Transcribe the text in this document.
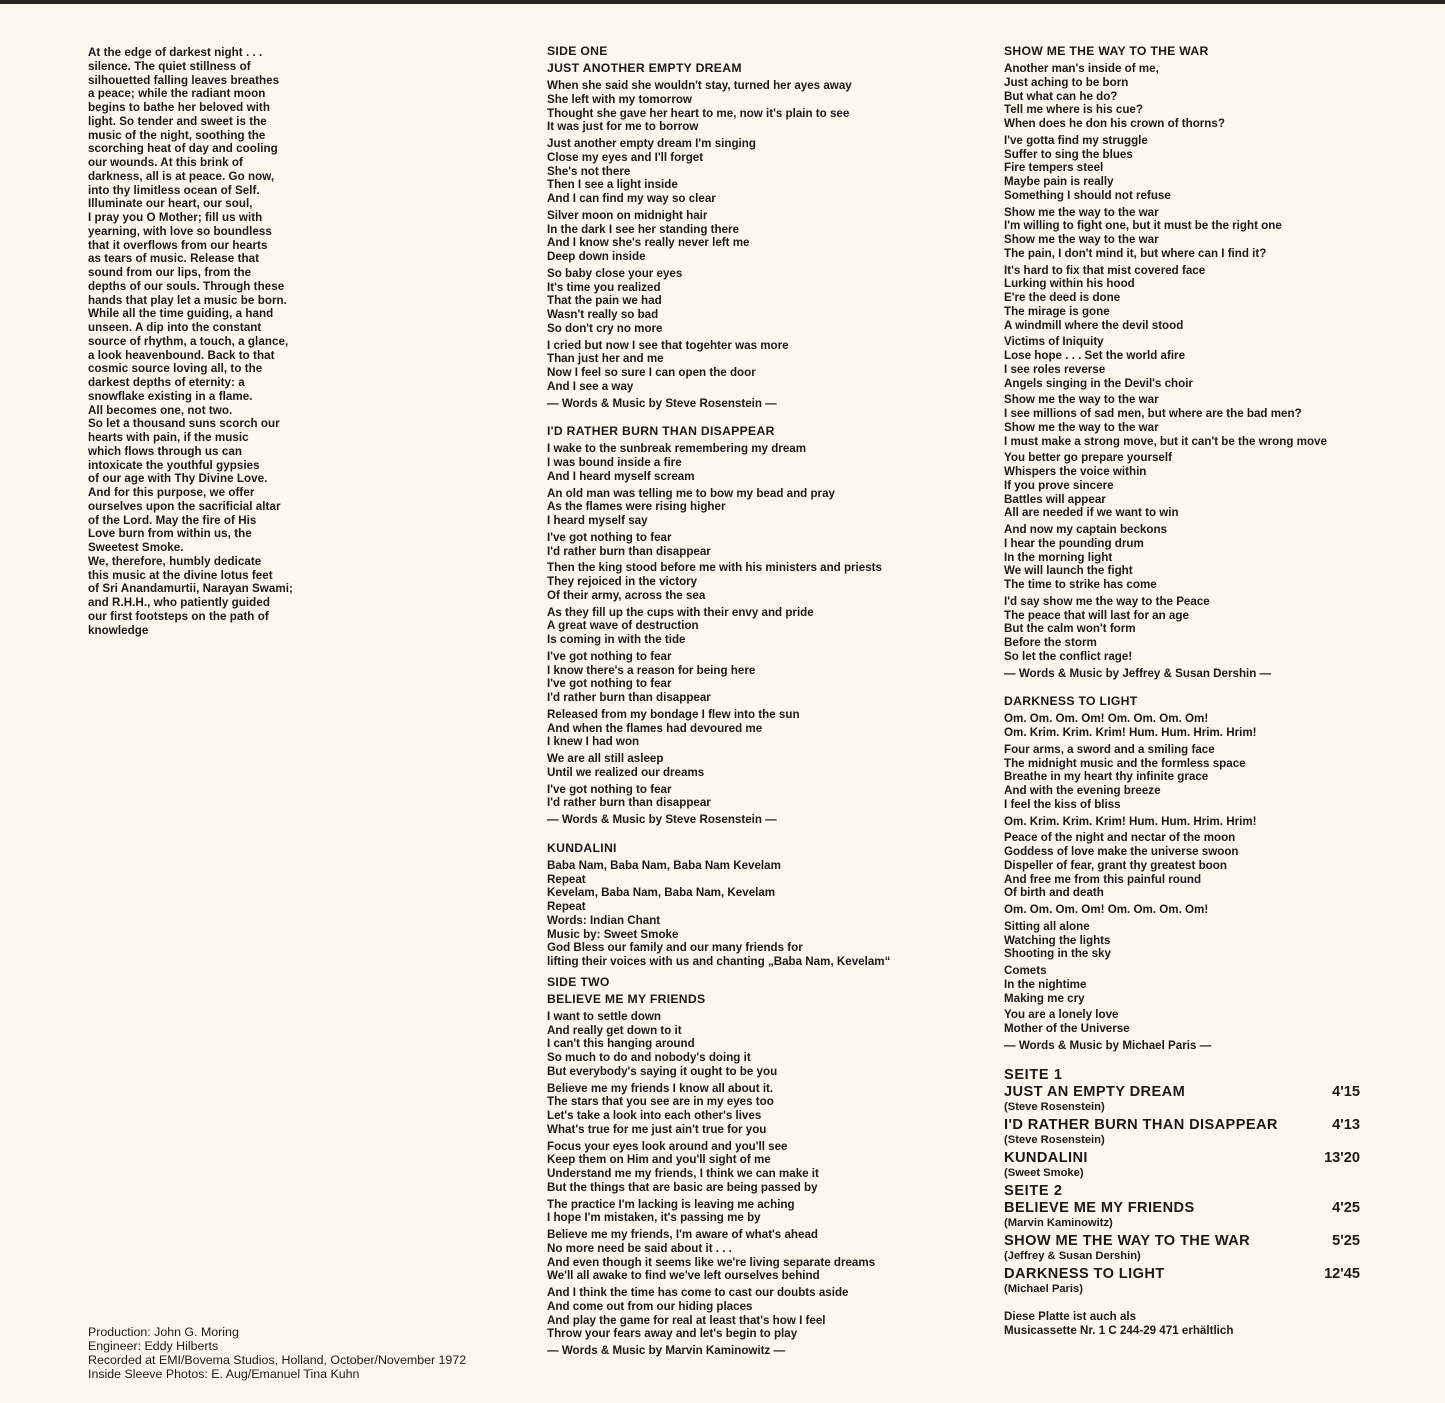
At the edge of darkest night . . .
silence. The quiet stillness of
silhouetted falling leaves breathes
a peace; while the radiant moon
begins to bathe her beloved with
light. So tender and sweet is the
music of the night, soothing the
scorching heat of day and cooling
our wounds. At this brink of
darkness, all is at peace. Go now,
into thy limitless ocean of Self.
Illuminate our heart, our soul,
I pray you O Mother; fill us with
yearning, with love so boundless
that it overflows from our hearts
as tears of music. Release that
sound from our lips, from the
depths of our souls. Through these
hands that play let a music be born.
While all the time guiding, a hand
unseen. A dip into the constant
source of rhythm, a touch, a glance,
a look heavenbound. Back to that
cosmic source loving all, to the
darkest depths of eternity: a
snowflake existing in a flame.
All becomes one, not two.
So let a thousand suns scorch our
hearts with pain, if the music
which flows through us can
intoxicate the youthful gypsies
of our age with Thy Divine Love.
And for this purpose, we offer
ourselves upon the sacrificial altar
of the Lord. May the fire of His
Love burn from within us, the
Sweetest Smoke.
We, therefore, humbly dedicate
this music at the divine lotus feet
of Sri Anandamurtii, Narayan Swami;
and R.H.H., who patiently guided
our first footsteps on the path of
knowledge
Production: John G. Moring
Engineer: Eddy Hilberts
Recorded at EMI/Bovema Studios, Holland, October/November 1972
Inside Sleeve Photos: E. Aug/Emanuel Tina Kuhn
SIDE ONE
JUST ANOTHER EMPTY DREAM
When she said she wouldn't stay, turned her ayes away
She left with my tomorrow
Thought she gave her heart to me, now it's plain to see
It was just for me to borrow
Just another empty dream I'm singing
Close my eyes and I'll forget
She's not there
Then I see a light inside
And I can find my way so clear
Silver moon on midnight hair
In the dark I see her standing there
And I know she's really never left me
Deep down inside
So baby close your eyes
It's time you realized
That the pain we had
Wasn't really so bad
So don't cry no more
I cried but now I see that togehter was more
Than just her and me
Now I feel so sure I can open the door
And I see a way
— Words & Music by Steve Rosenstein —
I'D RATHER BURN THAN DISAPPEAR
I wake to the sunbreak remembering my dream
I was bound inside a fire
And I heard myself scream
An old man was telling me to bow my bead and pray
As the flames were rising higher
I heard myself say
I've got nothing to fear
I'd rather burn than disappear
Then the king stood before me with his ministers and priests
They rejoiced in the victory
Of their army, across the sea
As they fill up the cups with their envy and pride
A great wave of destruction
Is coming in with the tide
I've got nothing to fear
I know there's a reason for being here
I've got nothing to fear
I'd rather burn than disappear
Released from my bondage I flew into the sun
And when the flames had devoured me
I knew I had won
We are all still asleep
Until we realized our dreams
I've got nothing to fear
I'd rather burn than disappear
— Words & Music by Steve Rosenstein —
KUNDALINI
Baba Nam, Baba Nam, Baba Nam Kevelam
Repeat
Kevelam, Baba Nam, Baba Nam, Kevelam
Repeat
Words: Indian Chant
Music by: Sweet Smoke
God Bless our family and our many friends for
lifting their voices with us and chanting „Baba Nam, Kevelam“
SIDE TWO
BELIEVE ME MY FRIENDS
I want to settle down
And really get down to it
I can't this hanging around
So much to do and nobody's doing it
But everybody's saying it ought to be you
Believe me my friends I know all about it.
The stars that you see are in my eyes too
Let's take a look into each other's lives
What's true for me just ain't true for you
Focus your eyes look around and you'll see
Keep them on Him and you'll sight of me
Understand me my friends, I think we can make it
But the things that are basic are being passed by
The practice I'm lacking is leaving me aching
I hope I'm mistaken, it's passing me by
Believe me my friends, I'm aware of what's ahead
No more need be said about it . . .
And even though it seems like we're living separate dreams
We'll all awake to find we've left ourselves behind
And I think the time has come to cast our doubts aside
And come out from our hiding places
And play the game for real at least that's how I feel
Throw your fears away and let's begin to play
— Words & Music by Marvin Kaminowitz —
SHOW ME THE WAY TO THE WAR
Another man's inside of me,
Just aching to be born
But what can he do?
Tell me where is his cue?
When does he don his crown of thorns?
I've gotta find my struggle
Suffer to sing the blues
Fire tempers steel
Maybe pain is really
Something I should not refuse
Show me the way to the war
I'm willing to fight one, but it must be the right one
Show me the way to the war
The pain, I don't mind it, but where can I find it?
It's hard to fix that mist covered face
Lurking within his hood
E're the deed is done
The mirage is gone
A windmill where the devil stood
Victims of Iniquity
Lose hope . . . Set the world afire
I see roles reverse
Angels singing in the Devil's choir
Show me the way to the war
I see millions of sad men, but where are the bad men?
Show me the way to the war
I must make a strong move, but it can't be the wrong move
You better go prepare yourself
Whispers the voice within
If you prove sincere
Battles will appear
All are needed if we want to win
And now my captain beckons
I hear the pounding drum
In the morning light
We will launch the fight
The time to strike has come
I'd say show me the way to the Peace
The peace that will last for an age
But the calm won't form
Before the storm
So let the conflict rage!
— Words & Music by Jeffrey & Susan Dershin —
DARKNESS TO LIGHT
Om. Om. Om. Om! Om. Om. Om. Om!
Om. Krim. Krim. Krim! Hum. Hum. Hrim. Hrim!
Four arms, a sword and a smiling face
The midnight music and the formless space
Breathe in my heart thy infinite grace
And with the evening breeze
I feel the kiss of bliss
Om. Krim. Krim. Krim! Hum. Hum. Hrim. Hrim!
Peace of the night and nectar of the moon
Goddess of love make the universe swoon
Dispeller of fear, grant thy greatest boon
And free me from this painful round
Of birth and death
Om. Om. Om. Om! Om. Om. Om. Om!
Sitting all alone
Watching the lights
Shooting in the sky
Comets
In the nightime
Making me cry
You are a lonely love
Mother of the Universe
— Words & Music by Michael Paris —
SEITE 1
JUST AN EMPTY DREAM	4'15
(Steve Rosenstein)
I'D RATHER BURN THAN DISAPPEAR	4'13
(Steve Rosenstein)
KUNDALINI	13'20
(Sweet Smoke)
SEITE 2
BELIEVE ME MY FRIENDS	4'25
(Marvin Kaminowitz)
SHOW ME THE WAY TO THE WAR	5'25
(Jeffrey & Susan Dershin)
DARKNESS TO LIGHT	12'45
(Michael Paris)
Diese Platte ist auch als
Musicassette Nr. 1 C 244-29 471 erhältlich
